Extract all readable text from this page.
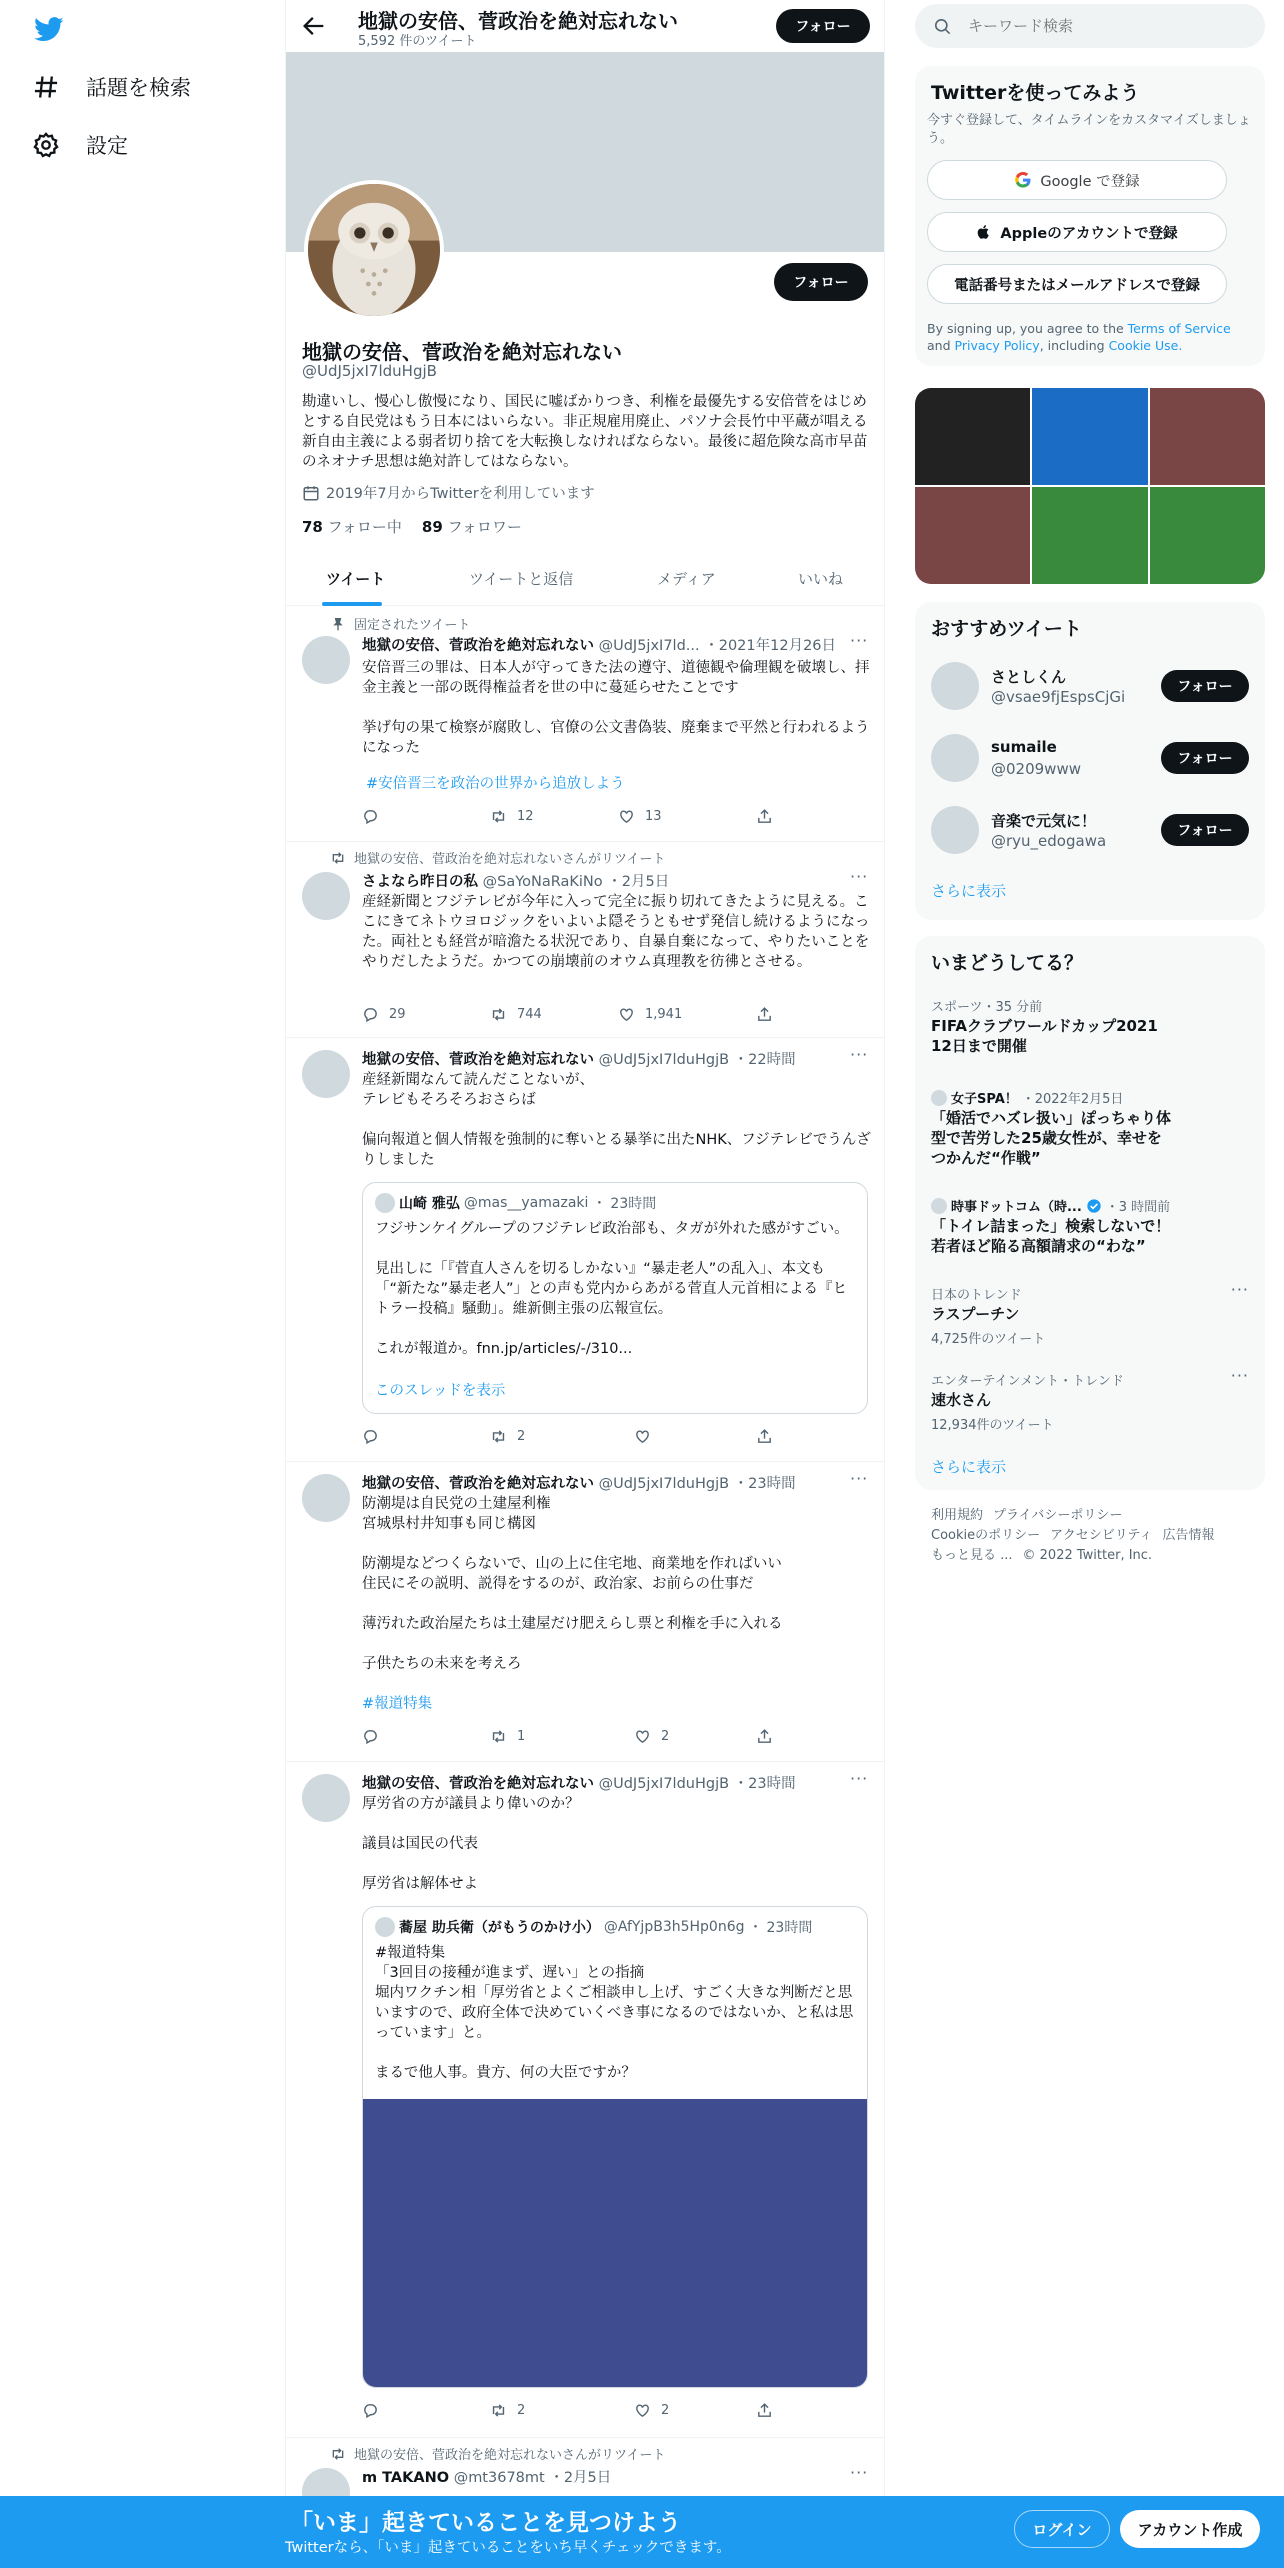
話題を検索
設定
地獄の安倍、菅政治を絶対忘れない
5,592 件のツイート
フォロー
フォロー
地獄の安倍、菅政治を絶対忘れない
@UdJ5jxI7lduHgjB
勘違いし、慢心し傲慢になり、国民に嘘ばかりつき、利権を最優先する安倍菅をはじめとする自民党はもう日本にはいらない。非正規雇用廃止、パソナ会長竹中平蔵が唱える新自由主義による弱者切り捨てを大転換しなければならない。最後に超危険な高市早苗のネオナチ思想は絶対許してはならない。
2019年7月からTwitterを利用しています
78 フォロー中 89 フォロワー
ツイート	ツイートと返信	メディア	いいね
固定されたツイート
地獄の安倍、菅政治を絶対忘れない @UdJ5jxI7ld... ・2021年12月26日 ···
安倍晋三の罪は、日本人が守ってきた法の遵守、道徳観や倫理観を破壊し、拝金主義と一部の既得権益者を世の中に蔓延らせたことです

挙げ句の果て検察が腐敗し、官僚の公文書偽装、廃棄まで平然と行われるようになった
#安倍晋三を政治の世界から追放しよう
12	13
地獄の安倍、菅政治を絶対忘れないさんがリツイート
さよなら昨日の私 @SaYoNaRaKiNo ・2月5日	···
産経新聞とフジテレビが今年に入って完全に振り切れてきたように見える。ここにきてネトウヨロジックをいよいよ隠そうともせず発信し続けるようになった。両社とも経営が暗澹たる状況であり、自暴自棄になって、やりたいことをやりだしたようだ。かつての崩壊前のオウム真理教を彷彿とさせる。
29	744	1,941
地獄の安倍、菅政治を絶対忘れない @UdJ5jxI7lduHgjB ・22時間	···
産経新聞なんて読んだことないが、
テレビもそろそろおさらば

偏向報道と個人情報を強制的に奪いとる暴挙に出たNHK、フジテレビでうんざりしました
山崎 雅弘 @mas__yamazaki ・ 23時間
フジサンケイグループのフジテレビ政治部も、タガが外れた感がすごい。

見出しに「『菅直人さんを切るしかない』“暴走老人”の乱入」、本文も「“新たな”暴走老人”」との声も党内からあがる菅直人元首相による『ヒトラー投稿』騒動」。維新側主張の広報宣伝。

これが報道か。fnn.jp/articles/-/310...
このスレッドを表示
2
地獄の安倍、菅政治を絶対忘れない @UdJ5jxI7lduHgjB ・23時間	···
防潮堤は自民党の土建屋利権
宮城県村井知事も同じ構図

防潮堤などつくらないで、山の上に住宅地、商業地を作ればいい
住民にその説明、説得をするのが、政治家、お前らの仕事だ

薄汚れた政治屋たちは土建屋だけ肥えらし票と利権を手に入れる

子供たちの未来を考えろ
#報道特集
1	2
地獄の安倍、菅政治を絶対忘れない @UdJ5jxI7lduHgjB ・23時間	···
厚労省の方が議員より偉いのか？

議員は国民の代表

厚労省は解体せよ
蕎屋 助兵衛（がもうのかけ小） @AfYjpB3h5Hp0n6g ・ 23時間
#報道特集
「3回目の接種が進まず、遅い」との指摘
堀内ワクチン相「厚労省とよくご相談申し上げ、すごく大きな判断だと思いますので、政府全体で決めていくべき事になるのではないか、と私は思っています」と。

まるで他人事。貴方、何の大臣ですか？
2	2
地獄の安倍、菅政治を絶対忘れないさんがリツイート
m TAKANO @mt3678mt ・2月5日	···
キーワード検索
Twitterを使ってみよう
今すぐ登録して、タイムラインをカスタマイズしましょう。
Google で登録
Appleのアカウントで登録
電話番号またはメールアドレスで登録
By signing up, you agree to the Terms of Service and Privacy Policy, including Cookie Use.
おすすめツイート
さとしくん
@vsae9fjEspsCjGi
フォロー
sumaile
@0209www
フォロー
音楽で元気に！
@ryu_edogawa
フォロー
さらに表示
いまどうしてる？
スポーツ・35 分前
FIFAクラブワールドカップ2021 12日まで開催
女子SPA！ ・2022年2月5日
「婚活でハズレ扱い」ぽっちゃり体型で苦労した25歳女性が、幸せをつかんだ“作戦”
時事ドットコム（時... ・3 時間前
「トイレ詰まった」検索しないで！若者ほど陥る高額請求の“わな”
日本のトレンド	···
ラスプーチン
4,725件のツイート
エンターテインメント・トレンド	···
速水さん
12,934件のツイート
さらに表示
利用規約 プライバシーポリシー
Cookieのポリシー アクセシビリティ 広告情報
もっと見る ... © 2022 Twitter, Inc.
「いま」起きていることを見つけよう
Twitterなら、「いま」起きていることをいち早くチェックできます。
ログイン	アカウント作成
